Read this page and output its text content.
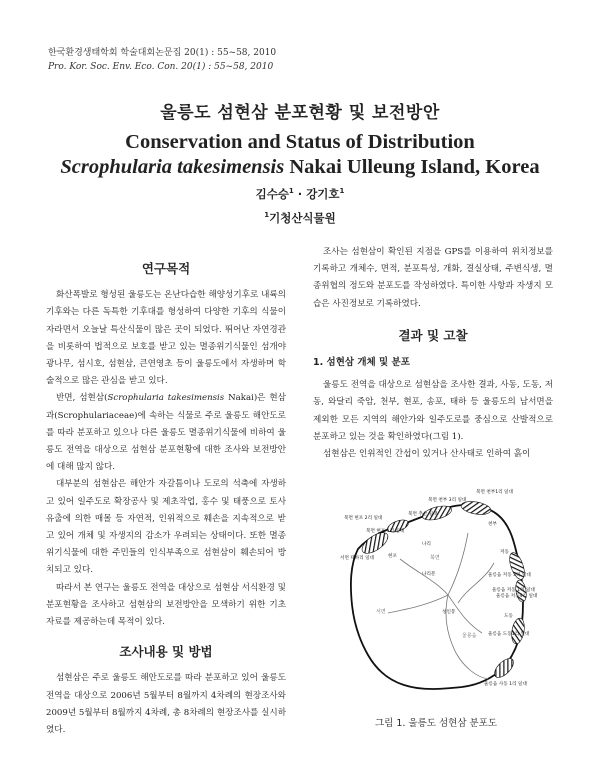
한국환경생태학회 학술대회논문집 20(1) : 55~58, 2010
Pro. Kor. Soc. Env. Eco. Con. 20(1) : 55~58, 2010
울릉도 섬현삼 분포현황 및 보전방안
Conservation and Status of Distribution
Scrophularia takesimensis Nakai Ulleung Island, Korea
김수승$^1$ · 강기호$^1$
$^1$기청산식물원
연구목적

화산폭발로 형성된 울릉도는 온난다습한 해양성기후로 내륙의 기후와는 다른 독특한 기후대를 형성하여 다양한 기후의 식물이 자라면서 오늘날 특산식물이 많은 곳이 되었다. 뛰어난 자연경관을 비롯하여 법적으로 보호를 받고 있는 멸종위기식물인 섬개야광나무, 섬시호, 섬현삼, 큰연영초 등이 울릉도에서 자생하며 학술적으로 많은 관심을 받고 있다.

반면, 섬현삼(Scrophularia takesimensis Nakai)은 현삼과(Scrophulariaceae)에 속하는 식물로 주로 울릉도 해안도로를 따라 분포하고 있으나 다른 울릉도 멸종위기식물에 비하여 울릉도 전역을 대상으로 섬현삼 분포현황에 대한 조사와 보전방안에 대해 많지 않다.

대부분의 섬현삼은 해안가 자갈틈이나 도로의 석축에 자생하고 있어 일주도로 확장공사 및 제초작업, 홍수 및 태풍으로 토사유출에 의한 매몰 등 자연적, 인위적으로 훼손을 지속적으로 받고 있어 개체 및 자생지의 감소가 우려되는 상태이다. 또한 멸종위기식물에 대한 주민들의 인식부족으로 섬현삼이 훼손되어 방치되고 있다.

따라서 본 연구는 울릉도 전역을 대상으로 섬현삼 서식환경 및 분포현황을 조사하고 섬현삼의 보전방안을 모색하기 위한 기초자료를 제공하는데 목적이 있다.

조사내용 및 방법

섬현삼은 주로 울릉도 해안도로를 따라 분포하고 있어 울릉도 전역을 대상으로 2006년 5월부터 8월까지 4차례의 현장조사와 2009년 5월부터 8월까지 4차례, 총 8차례의 현장조사를 실시하였다.

조사는 섬현삼이 확인된 지점을 GPS를 이용하여 위치정보를 기록하고 개체수, 면적, 분포특성, 개화, 결실상태, 주변식생, 멸종위협의 정도와 분포도를 작성하였다. 특이한 사항과 자생지 모습은 사진정보로 기록하였다.

결과 및 고찰
1. 섬현삼 개체 및 분포

울릉도 전역을 대상으로 섬현삼을 조사한 결과, 사동, 도동, 저동, 와달리 죽암, 천부, 현포, 송포, 태하 등 울릉도의 남서면을 제외한 모든 지역의 해안가와 일주도로를 중심으로 산발적으로 분포하고 있는 것을 확인하였다(그림 1).

섬현삼은 인위적인 간섭이 있거나 산사태로 인하여 흙이

북면 천부1리 일대
북면 현포 2리 일대
북면 천부 3리 일대
북면 추산 일대
북면 현포 1리 일대
서면 태하리 일대
천부
나리
북면
현포
저동
울릉읍 저동 3리 일대
울릉읍 저동4리 일대
울릉읍 저동 1리 일대
서면
나리분
성인봉
울릉읍	울릉읍 도동1리 일대
울릉읍 사동 1리 일대
도동
그림 1. 울릉도 섬현삼 분포도
